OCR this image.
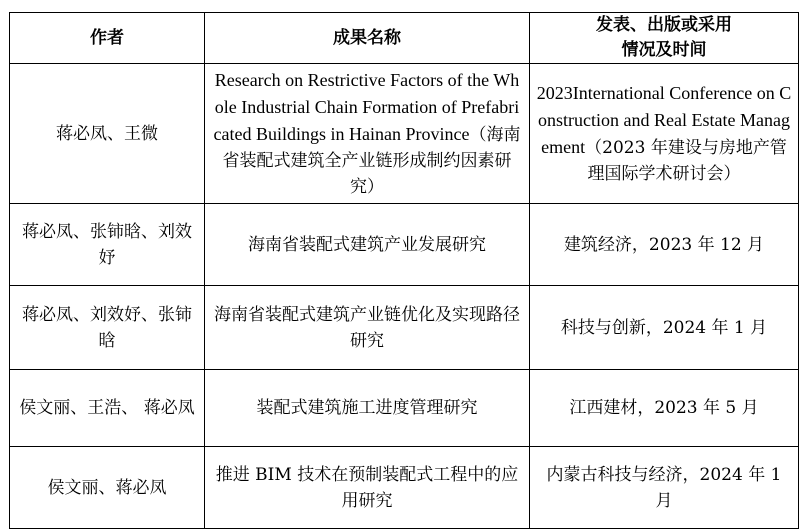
作者	成果名称	发表、出版或采用
情况及时间
蒋必凤、王微	Research on Restrictive Factors of the Whole Industrial Chain Formation of Prefabricated Buildings in Hainan Province（海南省装配式建筑全产业链形成制约因素研究）	2023International Conference on Construction and Real Estate Management（2023 年建设与房地产管理国际学术研讨会）
蒋必凤、张铈晗、刘效妤	海南省装配式建筑产业发展研究	建筑经济，2023 年 12 月
蒋必凤、刘效妤、张铈晗	海南省装配式建筑产业链优化及实现路径研究	科技与创新，2024 年 1 月
侯文丽、王浩、 蒋必凤	装配式建筑施工进度管理研究	江西建材，2023 年 5 月
侯文丽、蒋必凤	推进 BIM 技术在预制装配式工程中的应用研究	内蒙古科技与经济，2024 年 1 月
